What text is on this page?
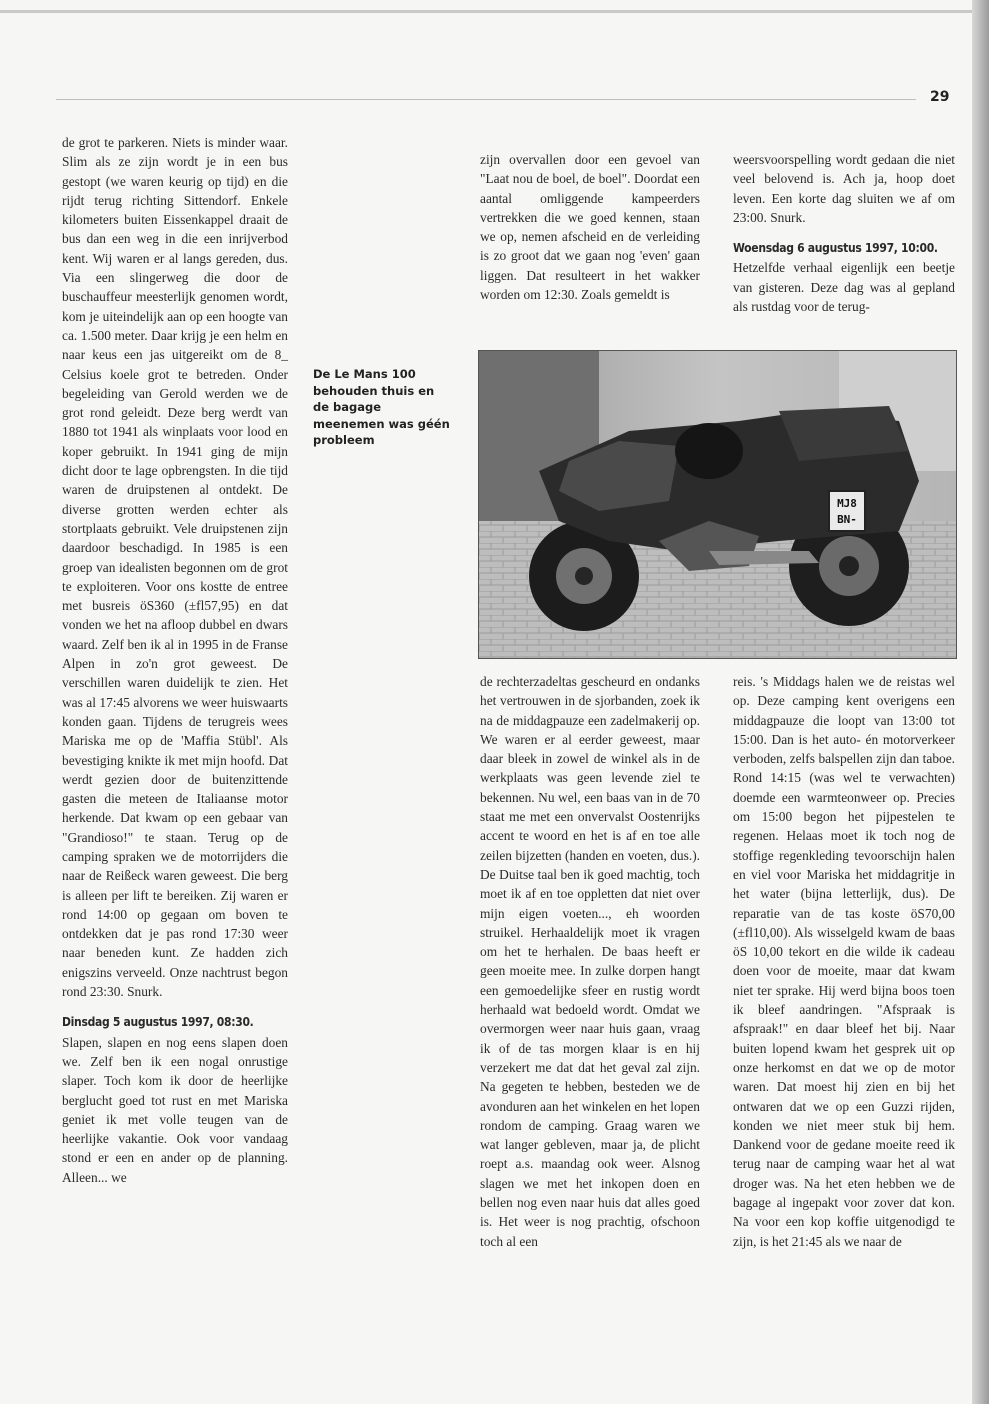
29

de grot te parkeren. Niets is minder waar. Slim als ze zijn wordt je in een bus gestopt (we waren keurig op tijd) en die rijdt terug richting Sittendorf. Enkele kilometers buiten Eissenkappel draait de bus dan een weg in die een inrijverbod kent. Wij waren er al langs gereden, dus. Via een slingerweg die door de buschauffeur meesterlijk genomen wordt, kom je uiteindelijk aan op een hoogte van ca. 1.500 meter. Daar krijg je een helm en naar keus een jas uitgereikt om de 8_ Celsius koele grot te betreden. Onder begeleiding van Gerold werden we de grot rond geleidt. Deze berg werdt van 1880 tot 1941 als winplaats voor lood en koper gebruikt. In 1941 ging de mijn dicht door te lage opbrengsten. In die tijd waren de druipstenen al ontdekt. De diverse grotten werden echter als stortplaats gebruikt. Vele druipstenen zijn daardoor beschadigd. In 1985 is een groep van idealisten begonnen om de grot te exploiteren. Voor ons kostte de entree met busreis öS360 (±fl57,95) en dat vonden we het na afloop dubbel en dwars waard. Zelf ben ik al in 1995 in de Franse Alpen in zo'n grot geweest. De verschillen waren duidelijk te zien. Het was al 17:45 alvorens we weer huiswaarts konden gaan. Tijdens de terugreis wees Mariska me op de 'Maffia Stübl'. Als bevestiging knikte ik met mijn hoofd. Dat werdt gezien door de buitenzittende gasten die meteen de Italiaanse motor herkende. Dat kwam op een gebaar van "Grandioso!" te staan. Terug op de camping spraken we de motorrijders die naar de Reißeck waren geweest. Die berg is alleen per lift te bereiken. Zij waren er rond 14:00 op gegaan om boven te ontdekken dat je pas rond 17:30 weer naar beneden kunt. Ze hadden zich enigszins verveeld. Onze nachtrust begon rond 23:30. Snurk.

Dinsdag 5 augustus 1997, 08:30.

Slapen, slapen en nog eens slapen doen we. Zelf ben ik een nogal onrustige slaper. Toch kom ik door de heerlijke berglucht goed tot rust en met Mariska geniet ik met volle teugen van de heerlijke vakantie. Ook voor vandaag stond er een en ander op de planning. Alleen... we

De Le Mans 100 behouden thuis en de bagage meenemen was géén probleem

zijn overvallen door een gevoel van "Laat nou de boel, de boel". Doordat een aantal omliggende kampeerders vertrekken die we goed kennen, staan we op, nemen afscheid en de verleiding is zo groot dat we gaan nog 'even' gaan liggen. Dat resulteert in het wakker worden om 12:30. Zoals gemeldt is

weersvoorspelling wordt gedaan die niet veel belovend is. Ach ja, hoop doet leven. Een korte dag sluiten we af om 23:00. Snurk.

Woensdag 6 augustus 1997, 10:00.

Hetzelfde verhaal eigenlijk een beetje van gisteren. Deze dag was al gepland als rustdag voor de terug-

MJ8
BN-

de rechterzadeltas gescheurd en ondanks het vertrouwen in de sjorbanden, zoek ik na de middagpauze een zadelmakerij op. We waren er al eerder geweest, maar daar bleek in zowel de winkel als in de werkplaats was geen levende ziel te bekennen. Nu wel, een baas van in de 70 staat me met een onvervalst Oostenrijks accent te woord en het is af en toe alle zeilen bijzetten (handen en voeten, dus.). De Duitse taal ben ik goed machtig, toch moet ik af en toe oppletten dat niet over mijn eigen voeten..., eh woorden struikel. Herhaaldelijk moet ik vragen om het te herhalen. De baas heeft er geen moeite mee. In zulke dorpen hangt een gemoedelijke sfeer en rustig wordt herhaald wat bedoeld wordt. Omdat we overmorgen weer naar huis gaan, vraag ik of de tas morgen klaar is en hij verzekert me dat dat het geval zal zijn. Na gegeten te hebben, besteden we de avonduren aan het winkelen en het lopen rondom de camping. Graag waren we wat langer gebleven, maar ja, de plicht roept a.s. maandag ook weer. Alsnog slagen we met het inkopen doen en bellen nog even naar huis dat alles goed is. Het weer is nog prachtig, ofschoon toch al een

reis. 's Middags halen we de reistas wel op. Deze camping kent overigens een middagpauze die loopt van 13:00 tot 15:00. Dan is het auto- én motorverkeer verboden, zelfs balspellen zijn dan taboe. Rond 14:15 (was wel te verwachten) doemde een warmteonweer op. Precies om 15:00 begon het pijpestelen te regenen. Helaas moet ik toch nog de stoffige regenkleding tevoorschijn halen en viel voor Mariska het middagritje in het water (bijna letterlijk, dus). De reparatie van de tas koste öS70,00 (±fl10,00). Als wisselgeld kwam de baas öS 10,00 tekort en die wilde ik cadeau doen voor de moeite, maar dat kwam niet ter sprake. Hij werd bijna boos toen ik bleef aandringen. "Afspraak is afspraak!" en daar bleef het bij. Naar buiten lopend kwam het gesprek uit op onze herkomst en dat we op de motor waren. Dat moest hij zien en bij het ontwaren dat we op een Guzzi rijden, konden we niet meer stuk bij hem. Dankend voor de gedane moeite reed ik terug naar de camping waar het al wat droger was. Na het eten hebben we de bagage al ingepakt voor zover dat kon. Na voor een kop koffie uitgenodigd te zijn, is het 21:45 als we naar de
